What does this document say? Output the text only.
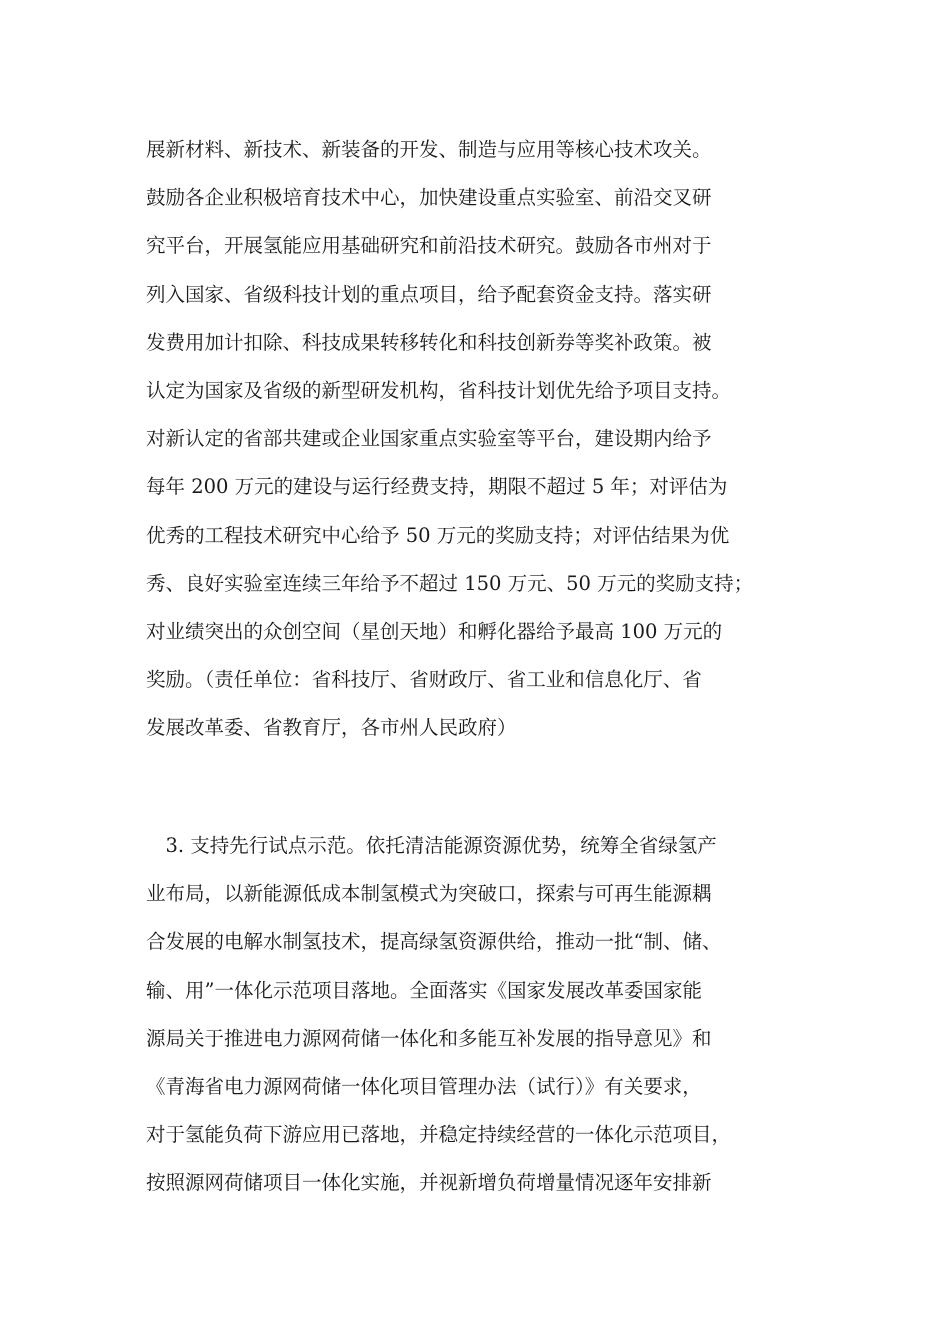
展新材料、新技术、新装备的开发、制造与应用等核心技术攻关。
鼓励各企业积极培育技术中心，加快建设重点实验室、前沿交叉研
究平台，开展氢能应用基础研究和前沿技术研究。鼓励各市州对于
列入国家、省级科技计划的重点项目，给予配套资金支持。落实研
发费用加计扣除、科技成果转移转化和科技创新券等奖补政策。被
认定为国家及省级的新型研发机构，省科技计划优先给予项目支持。
对新认定的省部共建或企业国家重点实验室等平台，建设期内给予
每年 200 万元的建设与运行经费支持，期限不超过 5 年；对评估为
优秀的工程技术研究中心给予 50 万元的奖励支持；对评估结果为优
秀、良好实验室连续三年给予不超过 150 万元、50 万元的奖励支持；
对业绩突出的众创空间（星创天地）和孵化器给予最高 100 万元的
奖励。（责任单位：省科技厅、省财政厅、省工业和信息化厅、省
发展改革委、省教育厅，各市州人民政府）
　3. 支持先行试点示范。依托清洁能源资源优势，统筹全省绿氢产
业布局，以新能源低成本制氢模式为突破口，探索与可再生能源耦
合发展的电解水制氢技术，提高绿氢资源供给，推动一批“制、储、
输、用”一体化示范项目落地。全面落实《国家发展改革委国家能
源局关于推进电力源网荷储一体化和多能互补发展的指导意见》和
《青海省电力源网荷储一体化项目管理办法（试行）》有关要求，
对于氢能负荷下游应用已落地，并稳定持续经营的一体化示范项目，
按照源网荷储项目一体化实施，并视新增负荷增量情况逐年安排新
